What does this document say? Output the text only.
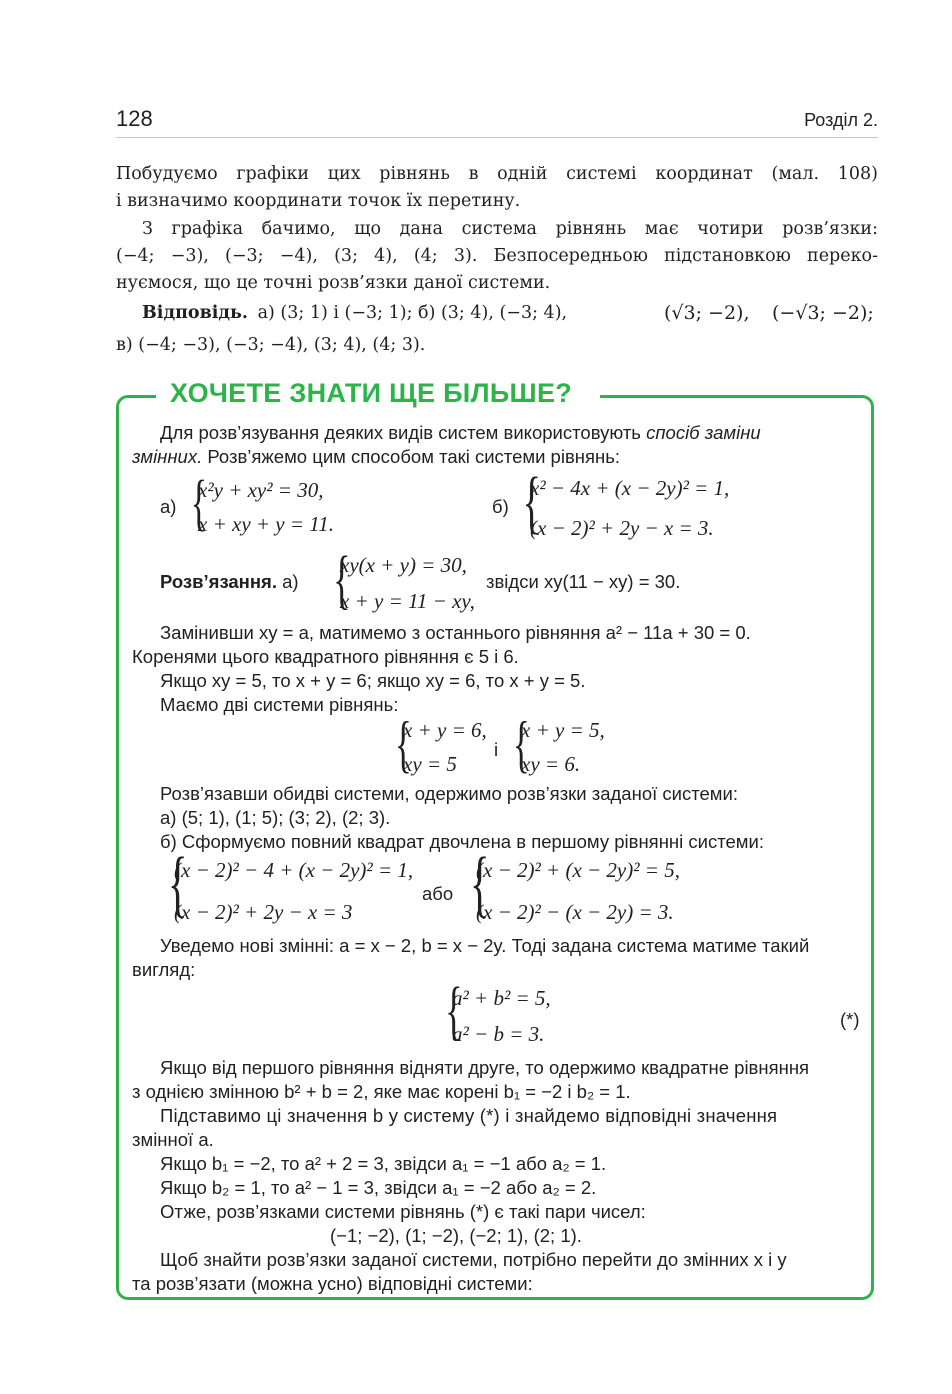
128	Розділ 2.
Побудуємо графіки цих рівнянь в одній системі координат (мал. 108)
і визначимо координати точок їх перетину.
З графіка бачимо, що дана система рівнянь має чотири розв’язки:
(−4; −3), (−3; −4), (3; 4), (4; 3). Безпосередньою підстановкою переко-
нуємося, що це точні розв’язки даної системи.
Відповідь. а) (3; 1) і (−3; 1); б) (3; 4), (−3; 4),	(√3; −2), (−√3; −2);
в) (−4; −3), (−3; −4), (3; 4), (4; 3).
ХОЧЕТЕ ЗНАТИ ЩЕ БІЛЬШЕ?
Для розв’язування деяких видів систем використовують спосіб заміни
змінних. Розв’яжемо цим способом такі системи рівнянь:
а) {
x²y + xy² = 30,
x + xy + y = 11.
б) {
x² − 4x + (x − 2y)² = 1,
(x − 2)² + 2y − x = 3.
Розв’язання. а) {
xy(x + y) = 30,
x + y = 11 − xy,
звідси xy(11 − xy) = 30.
Замінивши xy = a, матимемо з останнього рівняння a² − 11a + 30 = 0.
Коренями цього квадратного рівняння є 5 і 6.
Якщо xy = 5, то x + y = 6; якщо xy = 6, то x + y = 5.
Маємо дві системи рівнянь:
{
x + y = 6,
xy = 5
і {
x + y = 5,
xy = 6.
Розв’язавши обидві системи, одержимо розв’язки заданої системи:
а) (5; 1), (1; 5); (3; 2), (2; 3).
б) Сформуємо повний квадрат двочлена в першому рівнянні системи:
{
(x − 2)² − 4 + (x − 2y)² = 1,
(x − 2)² + 2y − x = 3
або {
(x − 2)² + (x − 2y)² = 5,
(x − 2)² − (x − 2y) = 3.
Уведемо нові змінні: a = x − 2, b = x − 2y. Тоді задана система матиме такий
вигляд:
{
a² + b² = 5,
a² − b = 3.
(*)
Якщо від першого рівняння відняти друге, то одержимо квадратне рівняння
з однією змінною b² + b = 2, яке має корені b₁ = −2 і b₂ = 1.
Підставимо ці значення b у систему (*) і знайдемо відповідні значення
змінної a.
Якщо b₁ = −2, то a² + 2 = 3, звідси a₁ = −1 або a₂ = 1.
Якщо b₂ = 1, то a² − 1 = 3, звідси a₁ = −2 або a₂ = 2.
Отже, розв’язками системи рівнянь (*) є такі пари чисел:
(−1; −2), (1; −2), (−2; 1), (2; 1).
Щоб знайти розв’язки заданої системи, потрібно перейти до змінних x і y
та розв’язати (можна усно) відповідні системи:
